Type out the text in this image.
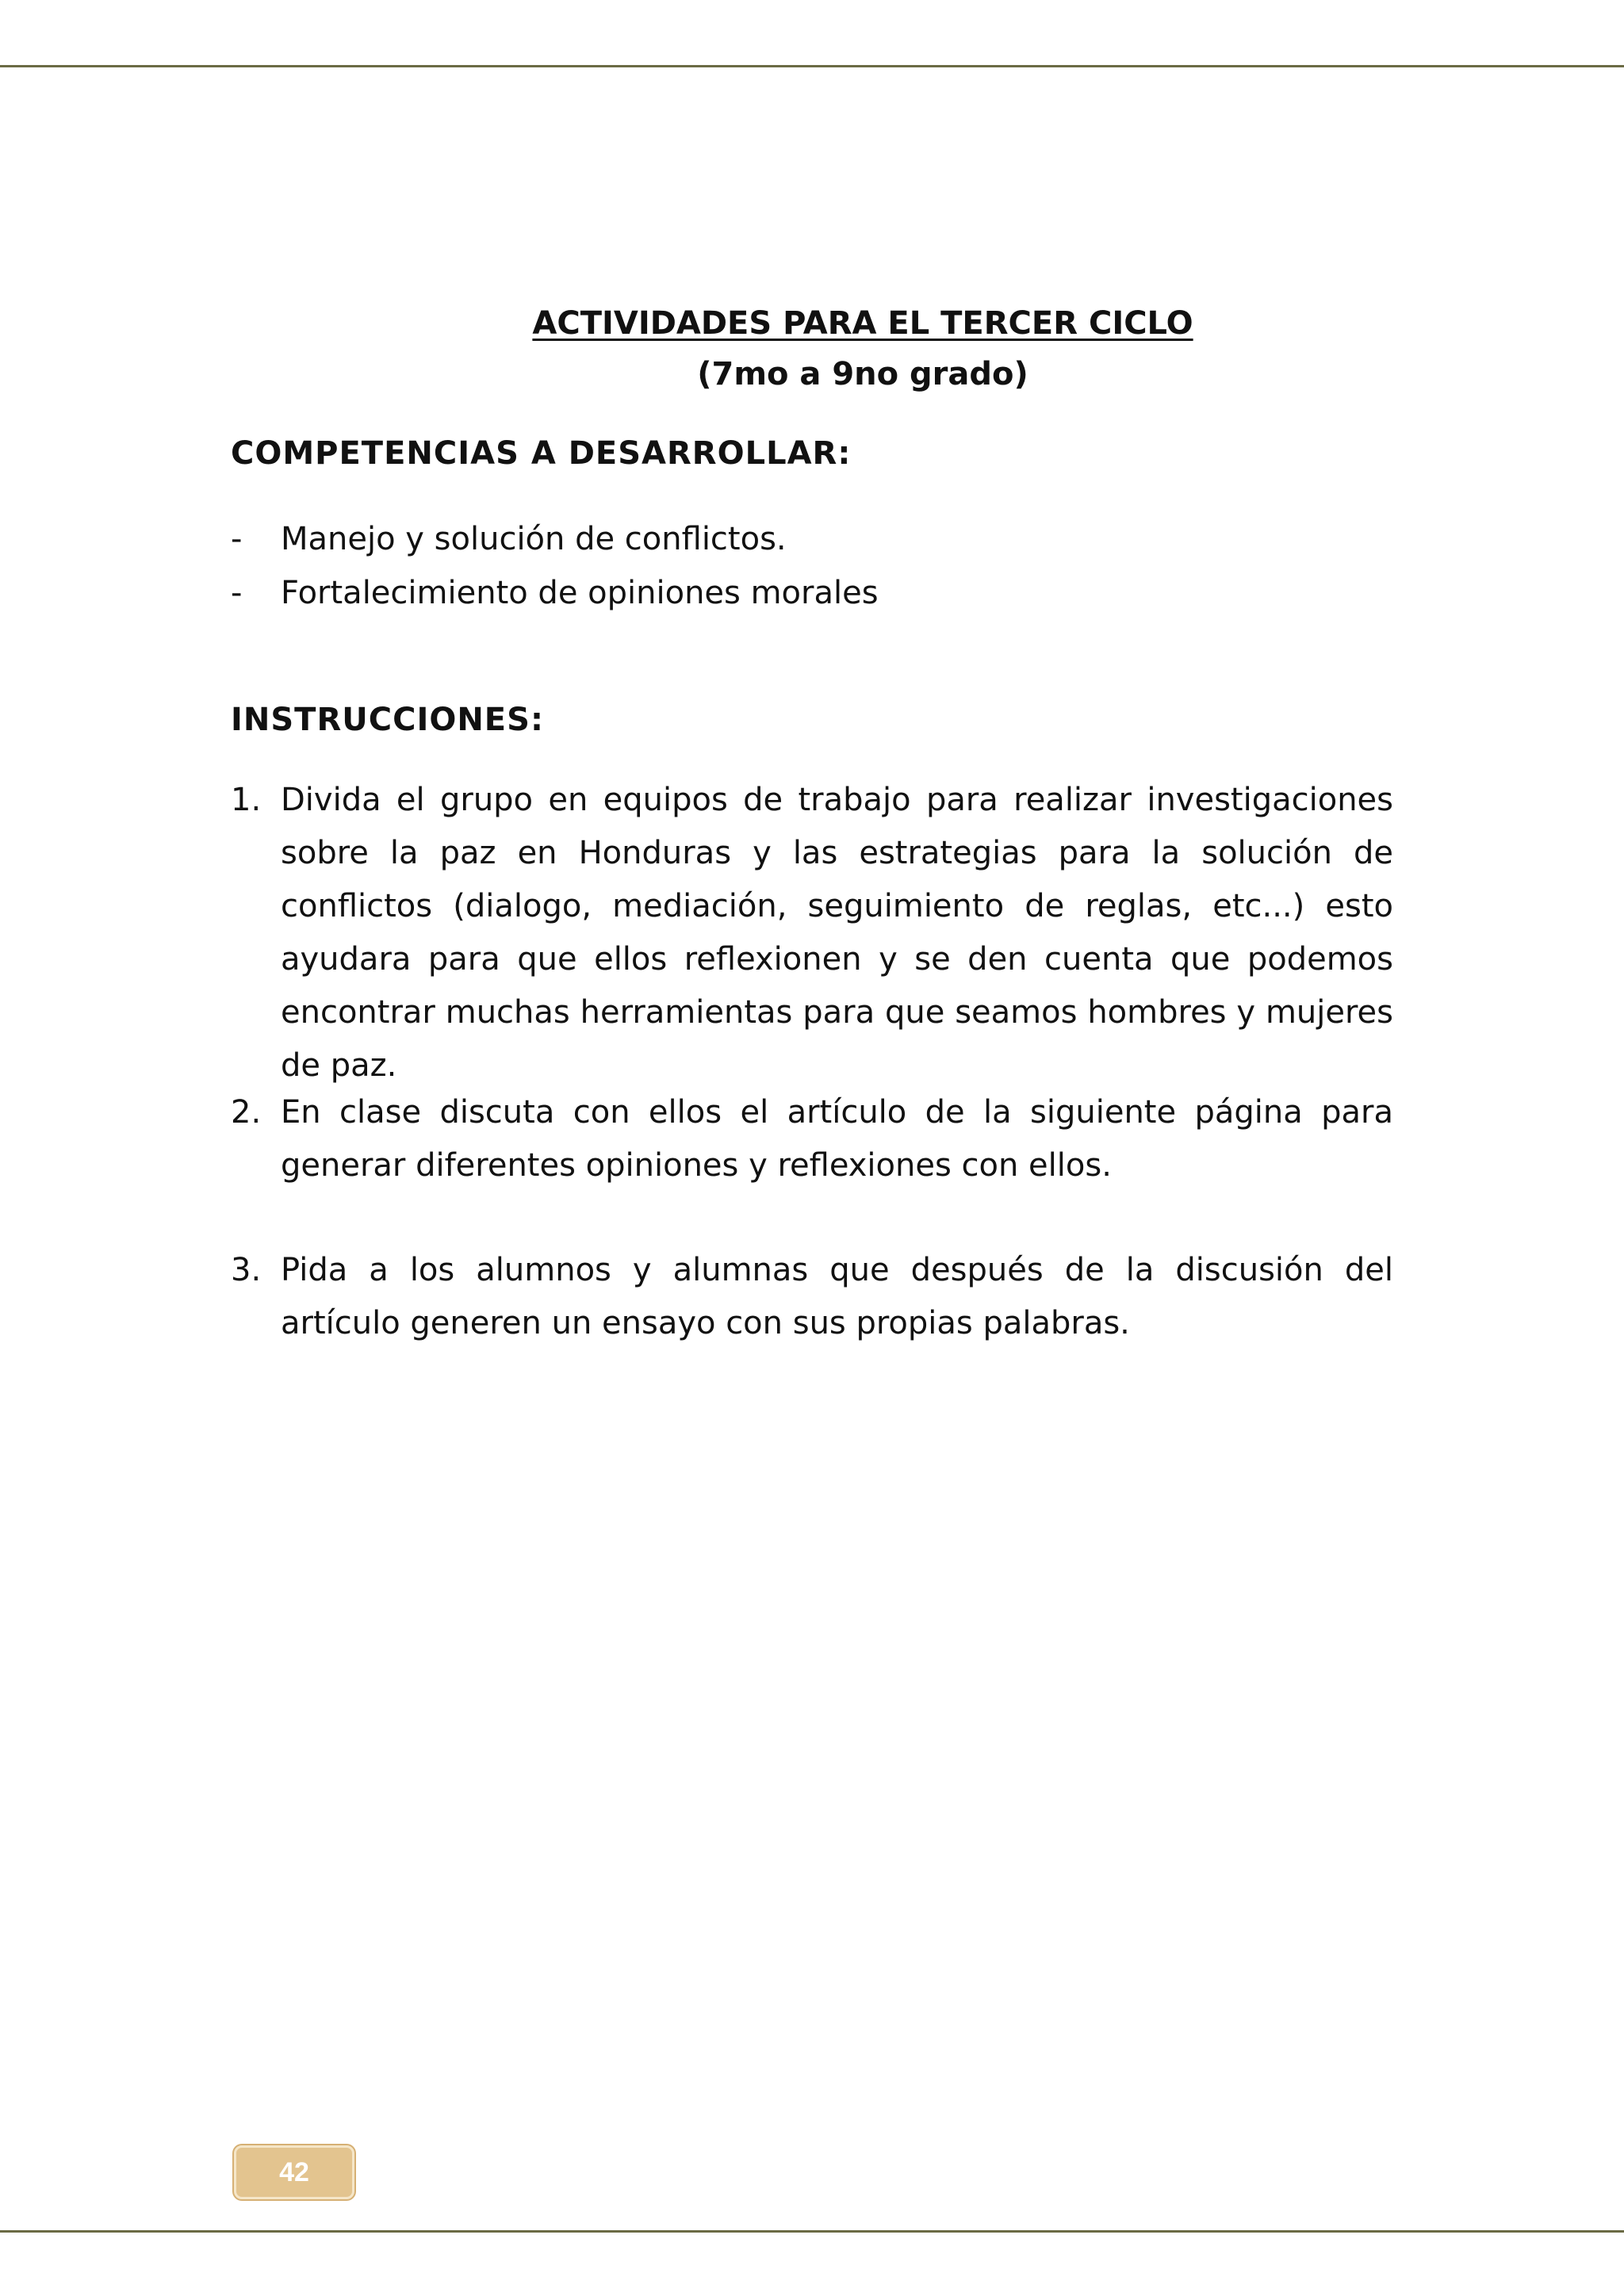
ACTIVIDADES PARA EL TERCER CICLO
(7mo a 9no grado)
COMPETENCIAS A DESARROLLAR:
-	Manejo y solución de conflictos.
-	Fortalecimiento de opiniones morales
INSTRUCCIONES:
1. Divida el grupo en equipos de trabajo para realizar investigaciones sobre la paz en Honduras y las estrategias para la solución de conflictos (dialogo, mediación, seguimiento de reglas, etc...) esto ayudara para que ellos reflexionen y se den cuenta que podemos encontrar muchas herramientas para que seamos hombres y mujeres de paz.
2. En clase discuta con ellos el artículo de la siguiente página para generar diferentes opiniones y reflexiones con ellos.
3. Pida a los alumnos y alumnas que después de la discusión del artículo generen un ensayo con sus propias palabras.
42
